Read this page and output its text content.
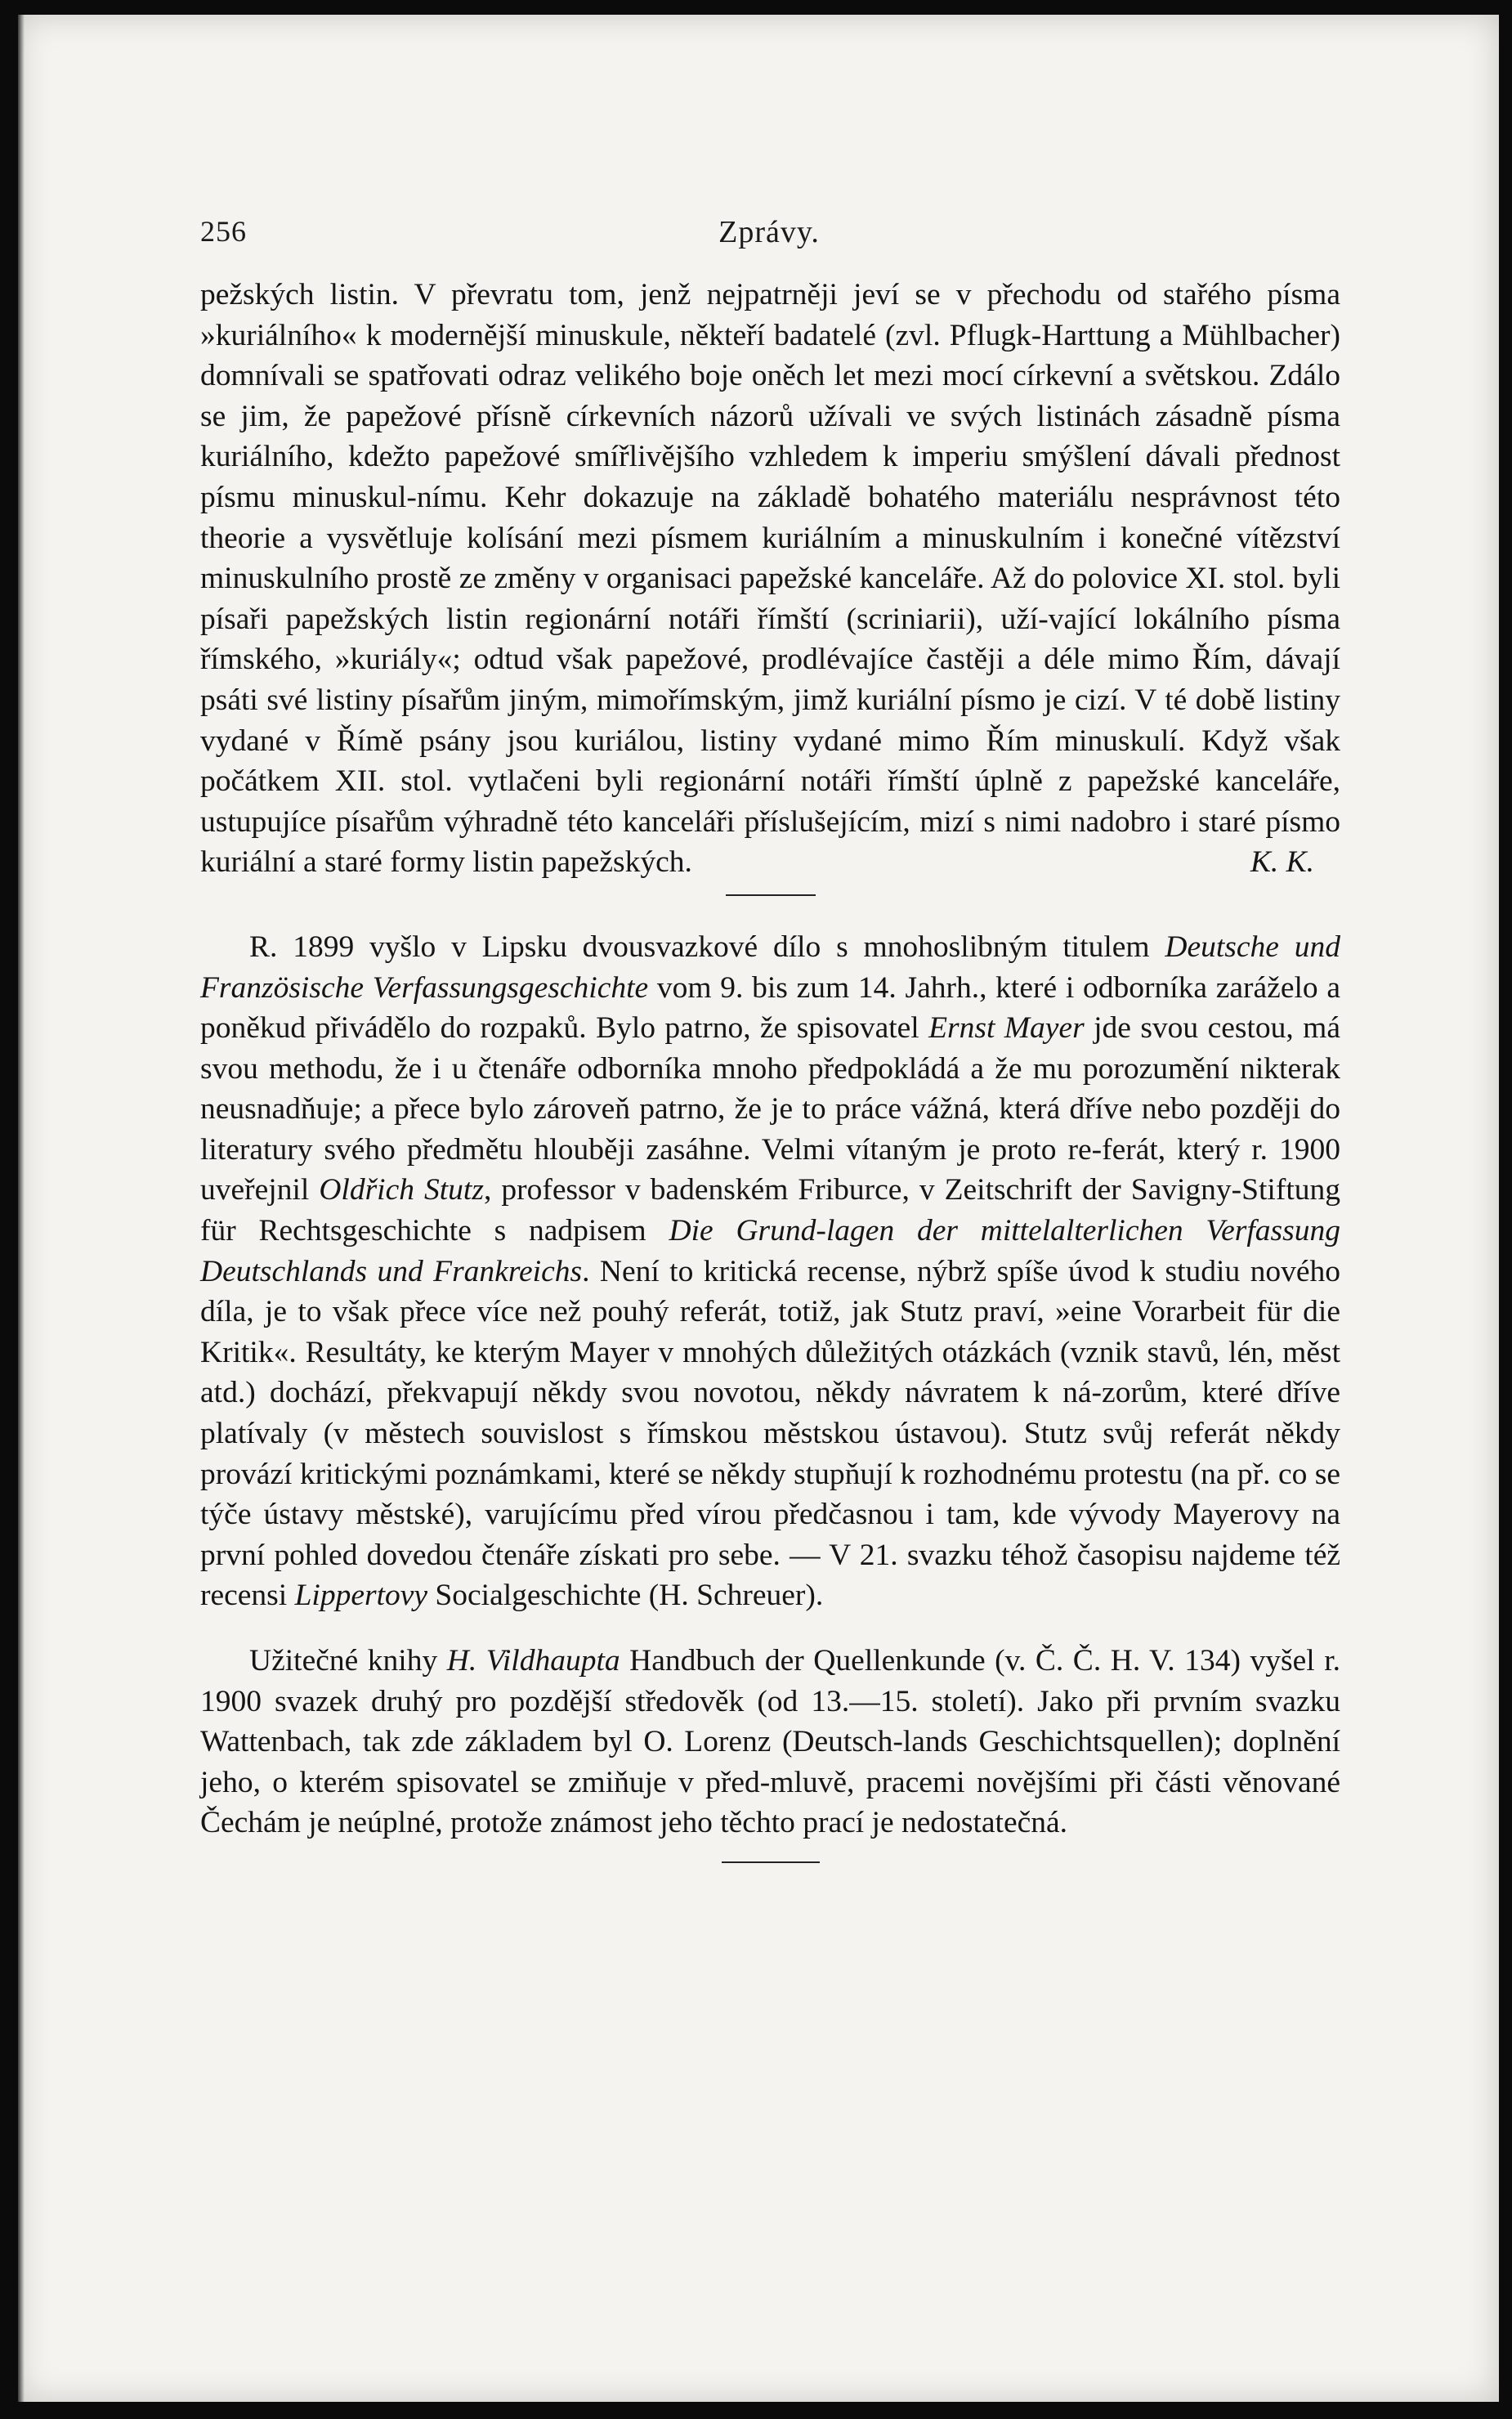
256	Zprávy.

pežských listin. V převratu tom, jenž nejpatrněji jeví se v přechodu od stařého písma »kuriálního« k modernější minuskule, někteří badatelé (zvl. Pflugk-Harttung a Mühlbacher) domnívali se spatřovati odraz velikého boje oněch let mezi mocí církevní a světskou. Zdálo se jim, že papežové přísně církevních názorů užívali ve svých listinách zásadně písma kuriálního, kdežto papežové smířlivějšího vzhledem k imperiu smýšlení dávali přednost písmu minuskul-nímu. Kehr dokazuje na základě bohatého materiálu nesprávnost této theorie a vysvětluje kolísání mezi písmem kuriálním a minuskulním i konečné vítězství minuskulního prostě ze změny v organisaci papežské kanceláře. Až do polovice XI. stol. byli písaři papežských listin regionární notáři římští (scriniarii), uží-vající lokálního písma římského, »kuriály«; odtud však papežové, prodlévajíce častěji a déle mimo Řím, dávají psáti své listiny písařům jiným, mimořímským, jimž kuriální písmo je cizí. V té době listiny vydané v Římě psány jsou kuriálou, listiny vydané mimo Řím minuskulí. Když však počátkem XII. stol. vytlačeni byli regionární notáři římští úplně z papežské kanceláře, ustupujíce písařům výhradně této kanceláři příslušejícím, mizí s nimi nadobro i staré písmo kuriální a staré formy listin papežských.	K. K.

R. 1899 vyšlo v Lipsku dvousvazkové dílo s mnohoslibným titulem Deutsche und Französische Verfassungsgeschichte vom 9. bis zum 14. Jahrh., které i odborníka zaráželo a poněkud přivádělo do rozpaků. Bylo patrno, že spisovatel Ernst Mayer jde svou cestou, má svou methodu, že i u čtenáře odborníka mnoho předpokládá a že mu porozumění nikterak neusnadňuje; a přece bylo zároveň patrno, že je to práce vážná, která dříve nebo později do literatury svého předmětu hlouběji zasáhne. Velmi vítaným je proto re-ferát, který r. 1900 uveřejnil Oldřich Stutz, professor v badenském Friburce, v Zeitschrift der Savigny-Stiftung für Rechtsgeschichte s nadpisem Die Grund-lagen der mittelalterlichen Verfassung Deutschlands und Frankreichs. Není to kritická recense, nýbrž spíše úvod k studiu nového díla, je to však přece více než pouhý referát, totiž, jak Stutz praví, »eine Vorarbeit für die Kritik«. Resultáty, ke kterým Mayer v mnohých důležitých otázkách (vznik stavů, lén, měst atd.) dochází, překvapují někdy svou novotou, někdy návratem k ná-zorům, které dříve platívaly (v městech souvislost s římskou městskou ústavou). Stutz svůj referát někdy provází kritickými poznámkami, které se někdy stupňují k rozhodnému protestu (na př. co se týče ústavy městské), varujícímu před vírou předčasnou i tam, kde vývody Mayerovy na první pohled dovedou čtenáře získati pro sebe. — V 21. svazku téhož časopisu najdeme též recensi Lippertovy Socialgeschichte (H. Schreuer).

Užitečné knihy H. Vildhaupta Handbuch der Quellenkunde (v. Č. Č. H. V. 134) vyšel r. 1900 svazek druhý pro pozdější středověk (od 13.—15. století). Jako při prvním svazku Wattenbach, tak zde základem byl O. Lorenz (Deutsch-lands Geschichtsquellen); doplnění jeho, o kterém spisovatel se zmiňuje v před-mluvě, pracemi novějšími při části věnované Čechám je neúplné, protože známost jeho těchto prací je nedostatečná.
